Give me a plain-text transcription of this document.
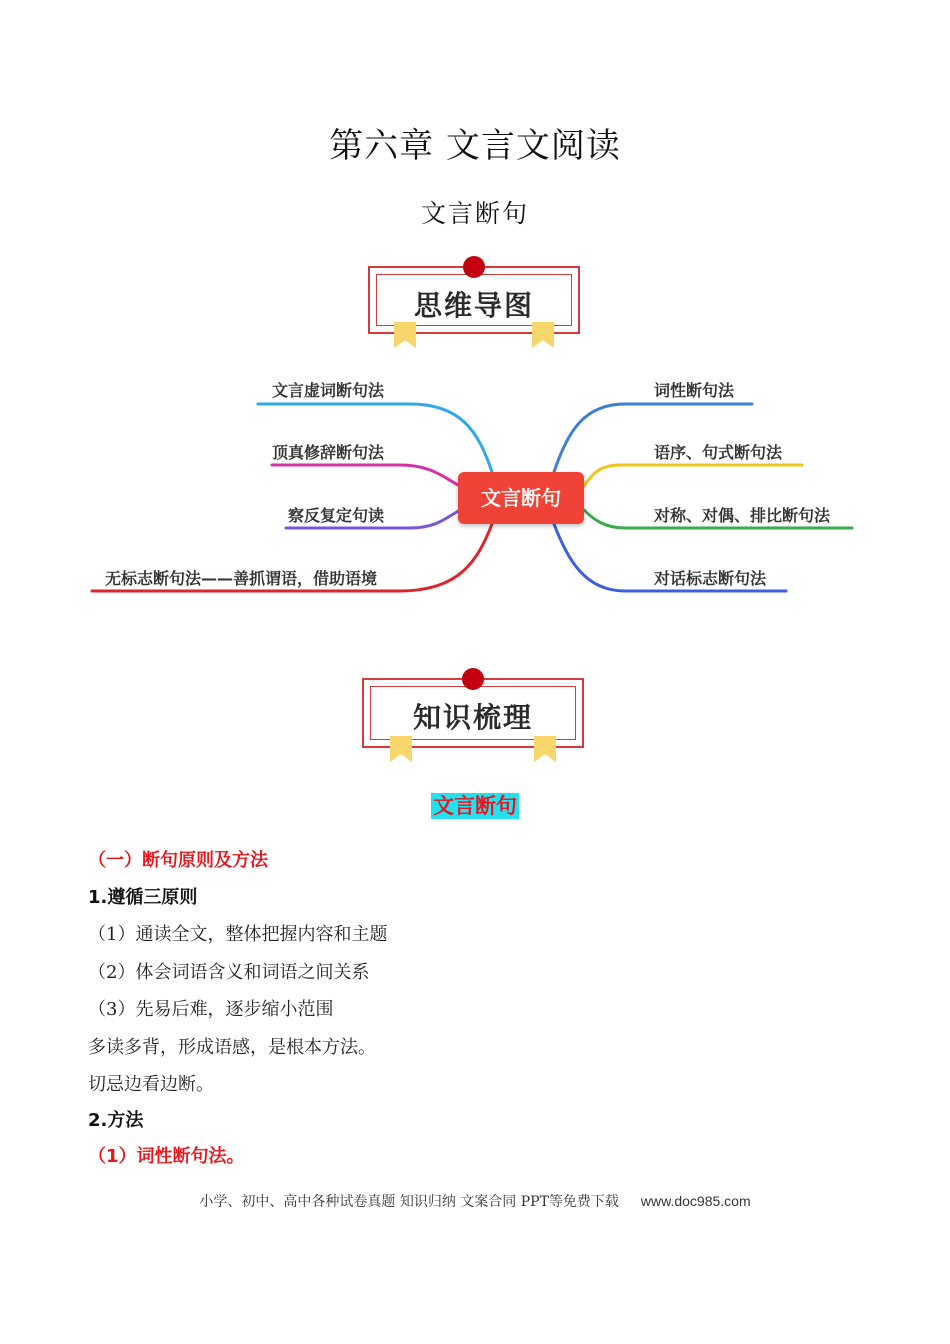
第六章 文言文阅读
文言断句
思维导图
文言虚词断句法
顶真修辞断句法
察反复定句读
无标志断句法——善抓谓语，借助语境
词性断句法
语序、句式断句法
对称、对偶、排比断句法
对话标志断句法
文言断句
知识梳理
文言断句
（一）断句原则及方法
1.遵循三原则
（1）通读全文，整体把握内容和主题
（2）体会词语含义和词语之间关系
（3）先易后难，逐步缩小范围
多读多背，形成语感，是根本方法。
切忌边看边断。
2.方法
（1）词性断句法。
小学、初中、高中各种试卷真题 知识归纳 文案合同 PPT等免费下载 www.doc985.com
